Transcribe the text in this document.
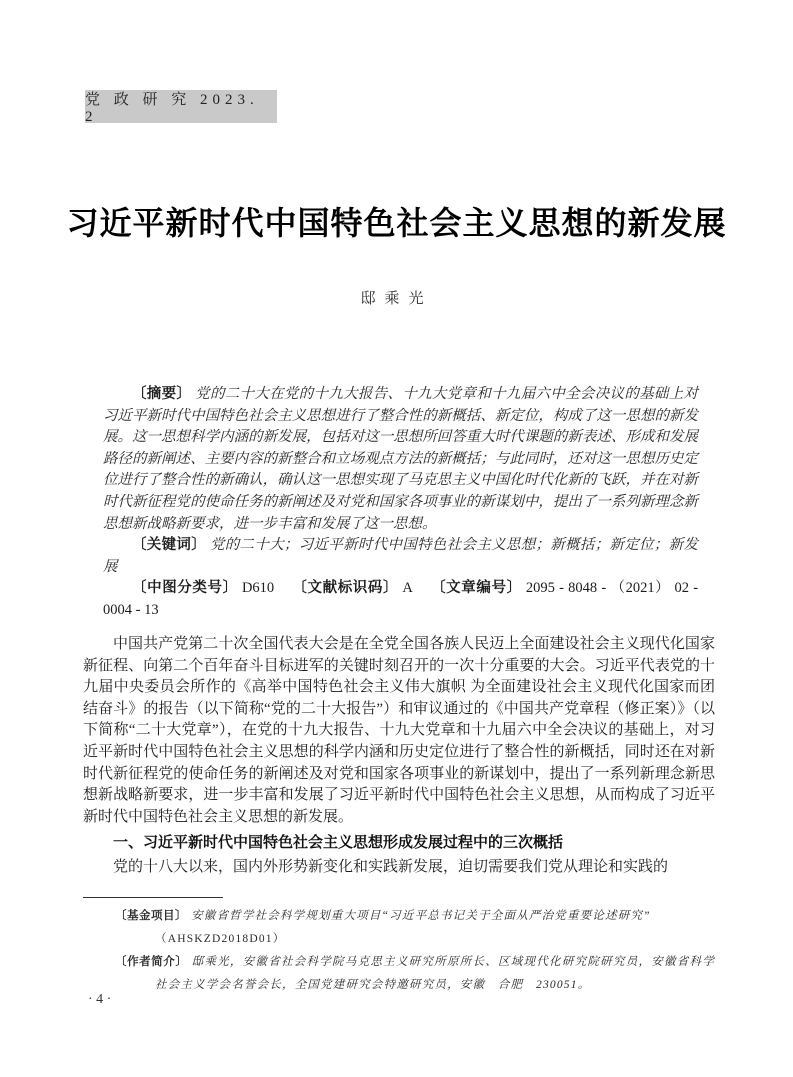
党 政 研 究 2023. 2
习近平新时代中国特色社会主义思想的新发展
邸乘光

〔摘要〕 党的二十大在党的十九大报告、十九大党章和十九届六中全会决议的基础上对习近平新时代中国特色社会主义思想进行了整合性的新概括、新定位，构成了这一思想的新发展。这一思想科学内涵的新发展，包括对这一思想所回答重大时代课题的新表述、形成和发展路径的新阐述、主要内容的新整合和立场观点方法的新概括；与此同时，还对这一思想历史定位进行了整合性的新确认，确认这一思想实现了马克思主义中国化时代化新的飞跃，并在对新时代新征程党的使命任务的新阐述及对党和国家各项事业的新谋划中，提出了一系列新理念新思想新战略新要求，进一步丰富和发展了这一思想。

〔关键词〕 党的二十大；习近平新时代中国特色社会主义思想；新概括；新定位；新发展

〔中图分类号〕 D610 〔文献标识码〕 A 〔文章编号〕 2095 - 8048 - （2021） 02 - 0004 - 13

中国共产党第二十次全国代表大会是在全党全国各族人民迈上全面建设社会主义现代化国家新征程、向第二个百年奋斗目标进军的关键时刻召开的一次十分重要的大会。习近平代表党的十九届中央委员会所作的《高举中国特色社会主义伟大旗帜 为全面建设社会主义现代化国家而团结奋斗》的报告（以下简称“党的二十大报告”）和审议通过的《中国共产党章程（修正案）》（以下简称“二十大党章”），在党的十九大报告、十九大党章和十九届六中全会决议的基础上，对习近平新时代中国特色社会主义思想的科学内涵和历史定位进行了整合性的新概括，同时还在对新时代新征程党的使命任务的新阐述及对党和国家各项事业的新谋划中，提出了一系列新理念新思想新战略新要求，进一步丰富和发展了习近平新时代中国特色社会主义思想，从而构成了习近平新时代中国特色社会主义思想的新发展。

一、习近平新时代中国特色社会主义思想形成发展过程中的三次概括

党的十八大以来，国内外形势新变化和实践新发展，迫切需要我们党从理论和实践的

〔基金项目〕 安徽省哲学社会科学规划重大项目“习近平总书记关于全面从严治党重要论述研究”
（AHSKZD2018D01）

〔作者简介〕 邸乘光，安徽省社会科学院马克思主义研究所原所长、区域现代化研究院研究员，安徽省科学社会主义学会名誉会长，全国党建研究会特邀研究员，安徽　合肥　230051。

· 4 ·
